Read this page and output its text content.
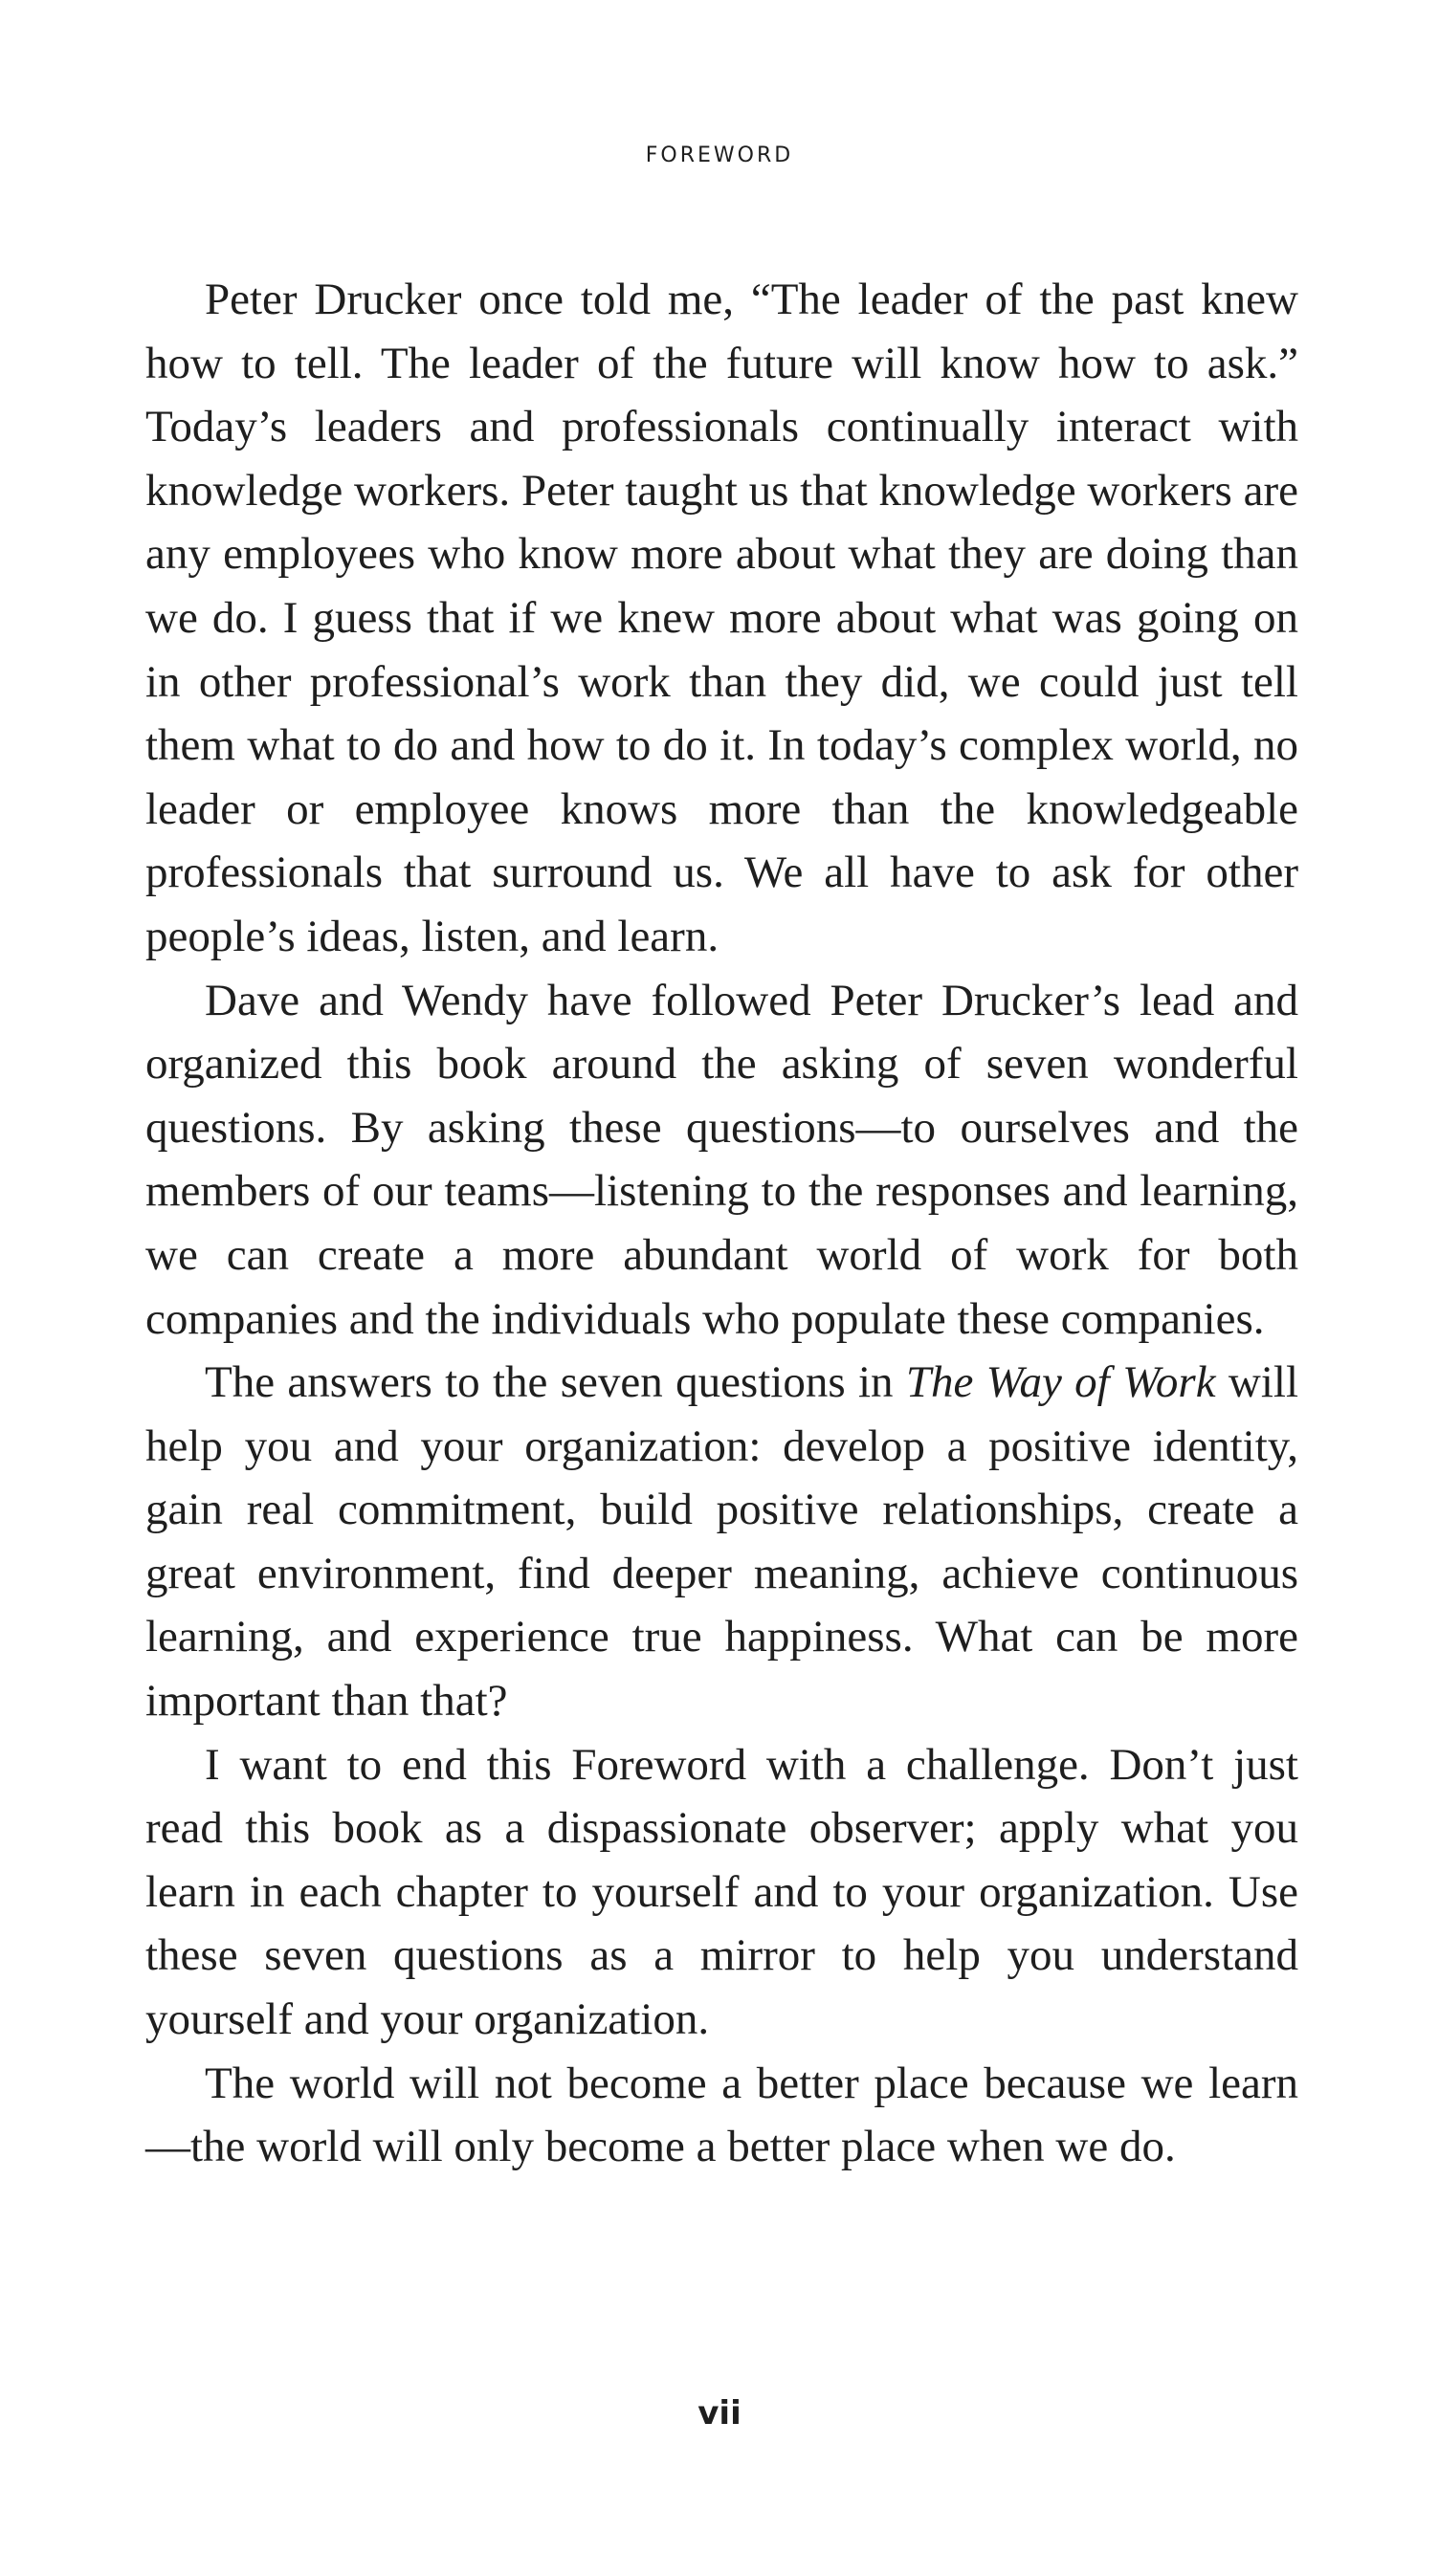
FOREWORD

Peter Drucker once told me, “The leader of the past knew how to tell. The leader of the future will know how to ask.” Today’s leaders and professionals continually interact with knowledge workers. Peter taught us that knowledge workers are any employees who know more about what they are doing than we do. I guess that if we knew more about what was going on in other professional’s work than they did, we could just tell them what to do and how to do it. In today’s complex world, no leader or employee knows more than the knowledgeable professionals that surround us. We all have to ask for other people’s ideas, listen, and learn.

Dave and Wendy have followed Peter Drucker’s lead and organized this book around the asking of seven wonderful questions. By asking these questions—to ourselves and the members of our teams—listening to the responses and learning, we can create a more abundant world of work for both companies and the individuals who populate these companies.

The answers to the seven questions in The Way of Work will help you and your organization: develop a positive identity, gain real commitment, build positive relationships, create a great environment, find deeper meaning, achieve continuous learning, and experience true happiness. What can be more important than that?

I want to end this Foreword with a challenge. Don’t just read this book as a dispassionate observer; apply what you learn in each chapter to yourself and to your organization. Use these seven questions as a mirror to help you understand yourself and your organization.

The world will not become a better place because we learn—the world will only become a better place when we do.

vii
